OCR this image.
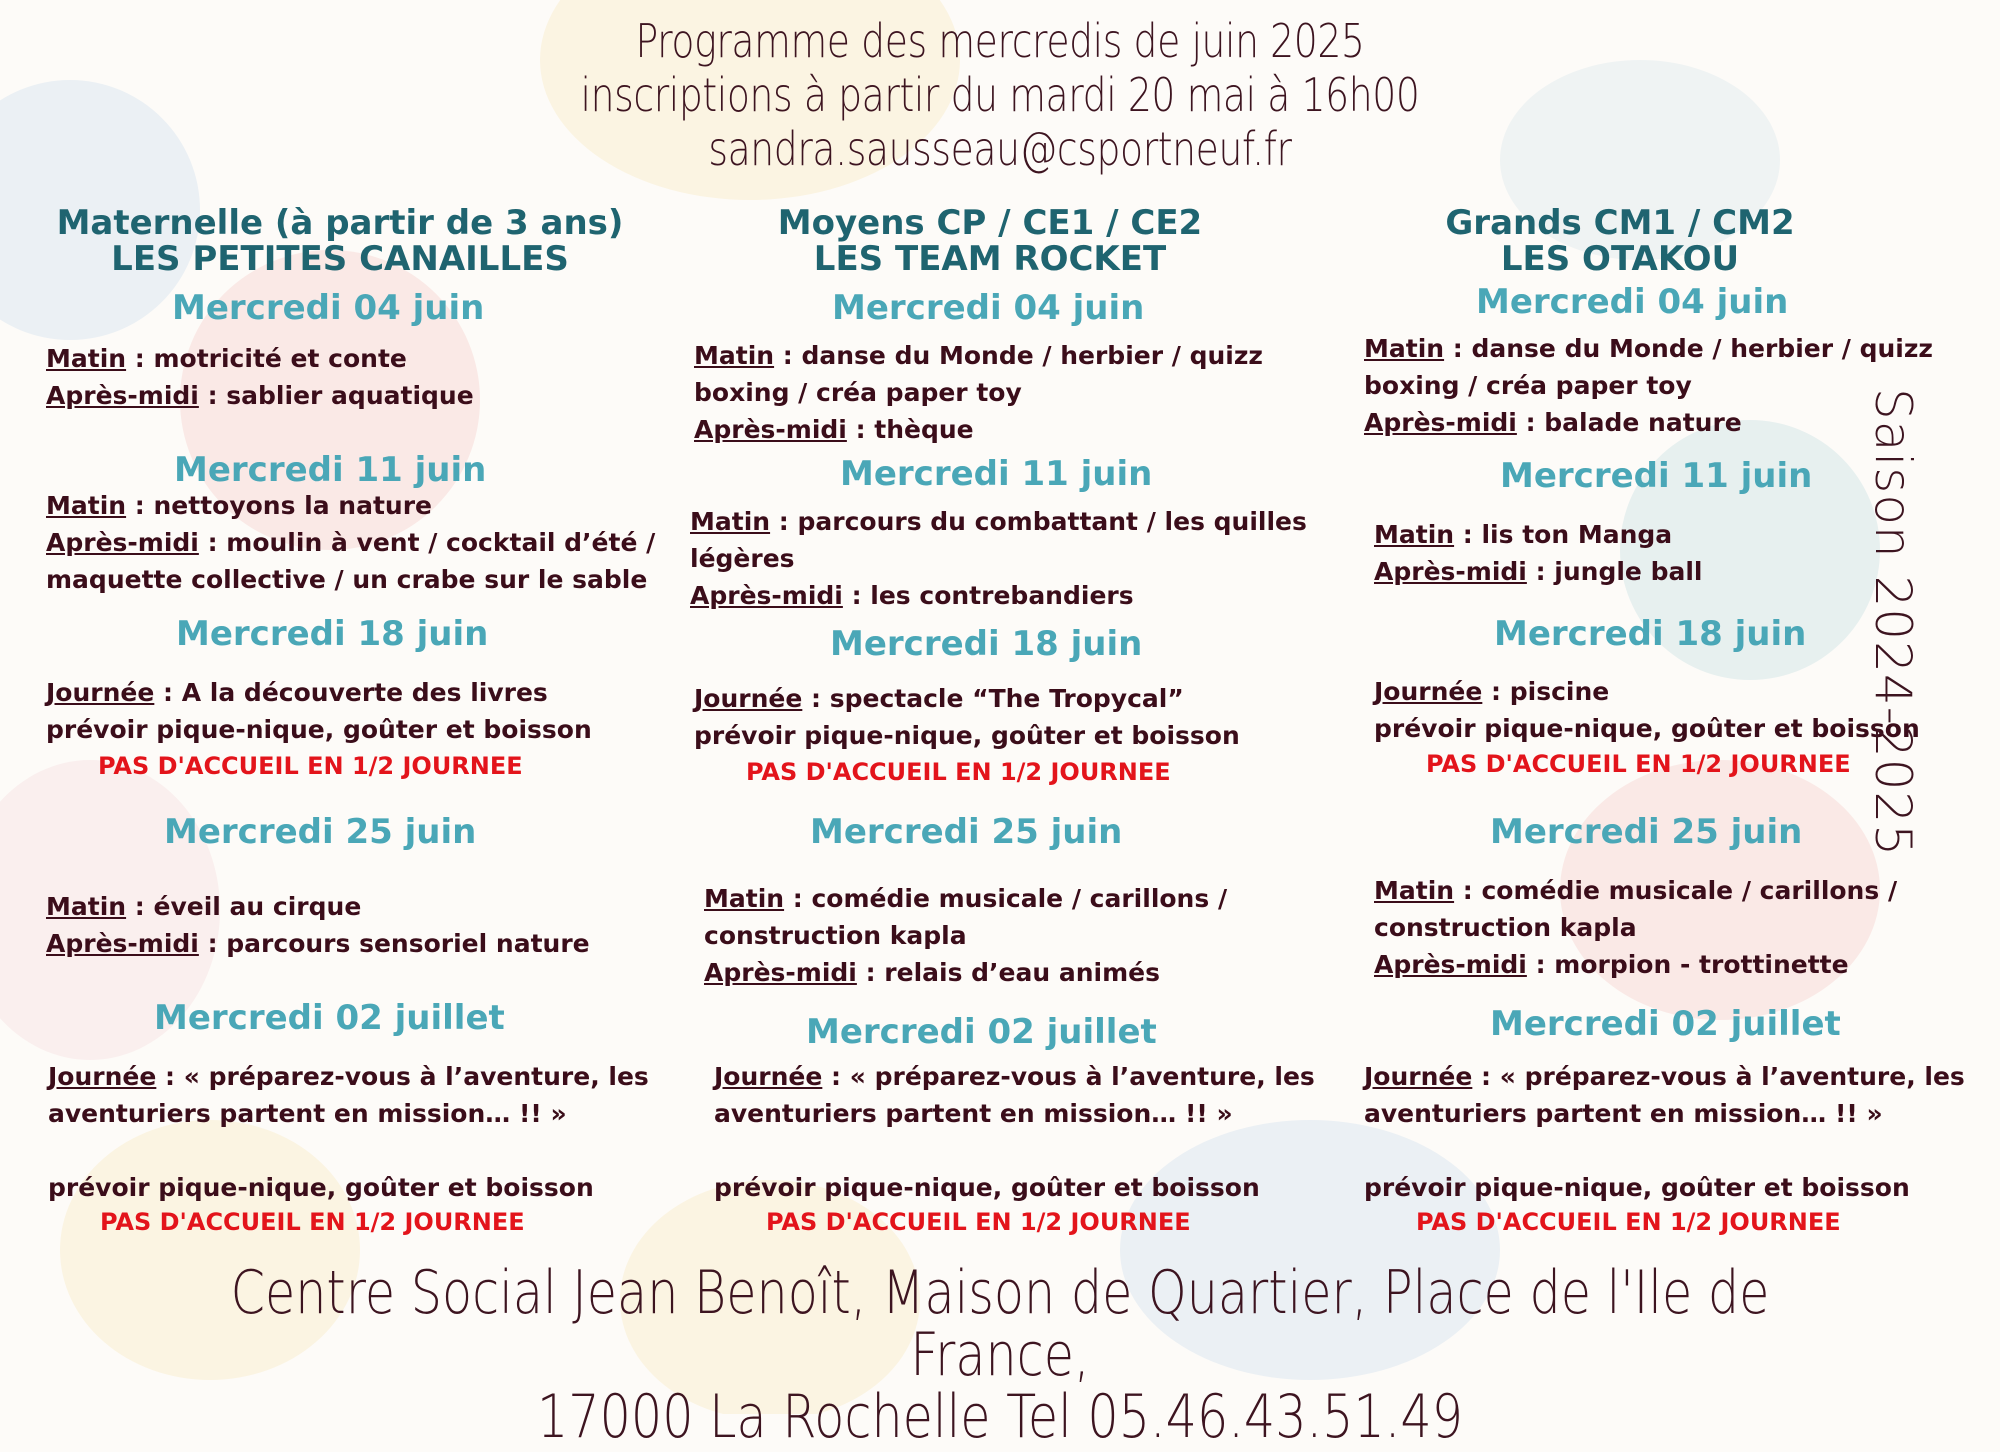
Programme des mercredis de juin 2025
inscriptions à partir du mardi 20 mai à 16h00
sandra.sausseau@csportneuf.fr
Maternelle (à partir de 3 ans)
LES PETITES CANAILLES
Mercredi 04 juin
Matin : motricité et conte
Après-midi : sablier aquatique
Mercredi 11 juin
Matin : nettoyons la nature
Après-midi : moulin à vent / cocktail d’été /
maquette collective / un crabe sur le sable
Mercredi 18 juin
Journée : A la découverte des livres
prévoir pique-nique, goûter et boisson
PAS D'ACCUEIL EN 1/2 JOURNEE
Mercredi 25 juin
Matin : éveil au cirque
Après-midi : parcours sensoriel nature
Mercredi 02 juillet
Journée : « préparez-vous à l’aventure, les
aventuriers partent en mission… !! »
prévoir pique-nique, goûter et boisson
PAS D'ACCUEIL EN 1/2 JOURNEE
Moyens CP / CE1 / CE2
LES TEAM ROCKET
Mercredi 04 juin
Matin : danse du Monde / herbier / quizz
boxing / créa paper toy
Après-midi : thèque
Mercredi 11 juin
Matin : parcours du combattant / les quilles
légères
Après-midi : les contrebandiers
Mercredi 18 juin
Journée : spectacle “The Tropycal”
prévoir pique-nique, goûter et boisson
PAS D'ACCUEIL EN 1/2 JOURNEE
Mercredi 25 juin
Matin : comédie musicale / carillons /
construction kapla
Après-midi : relais d’eau animés
Mercredi 02 juillet
Journée : « préparez-vous à l’aventure, les
aventuriers partent en mission… !! »
prévoir pique-nique, goûter et boisson
PAS D'ACCUEIL EN 1/2 JOURNEE
Grands CM1 / CM2
LES OTAKOU
Mercredi 04 juin
Matin : danse du Monde / herbier / quizz
boxing / créa paper toy
Après-midi : balade nature
Mercredi 11 juin
Matin : lis ton Manga
Après-midi : jungle ball
Mercredi 18 juin
Journée : piscine
prévoir pique-nique, goûter et boisson
PAS D'ACCUEIL EN 1/2 JOURNEE
Mercredi 25 juin
Matin : comédie musicale / carillons /
construction kapla
Après-midi : morpion - trottinette
Mercredi 02 juillet
Journée : « préparez-vous à l’aventure, les
aventuriers partent en mission… !! »
prévoir pique-nique, goûter et boisson
PAS D'ACCUEIL EN 1/2 JOURNEE
Saison 2024-2025
Centre Social Jean Benoît, Maison de Quartier, Place de l'Ile de France,
17000 La Rochelle Tel 05.46.43.51.49
